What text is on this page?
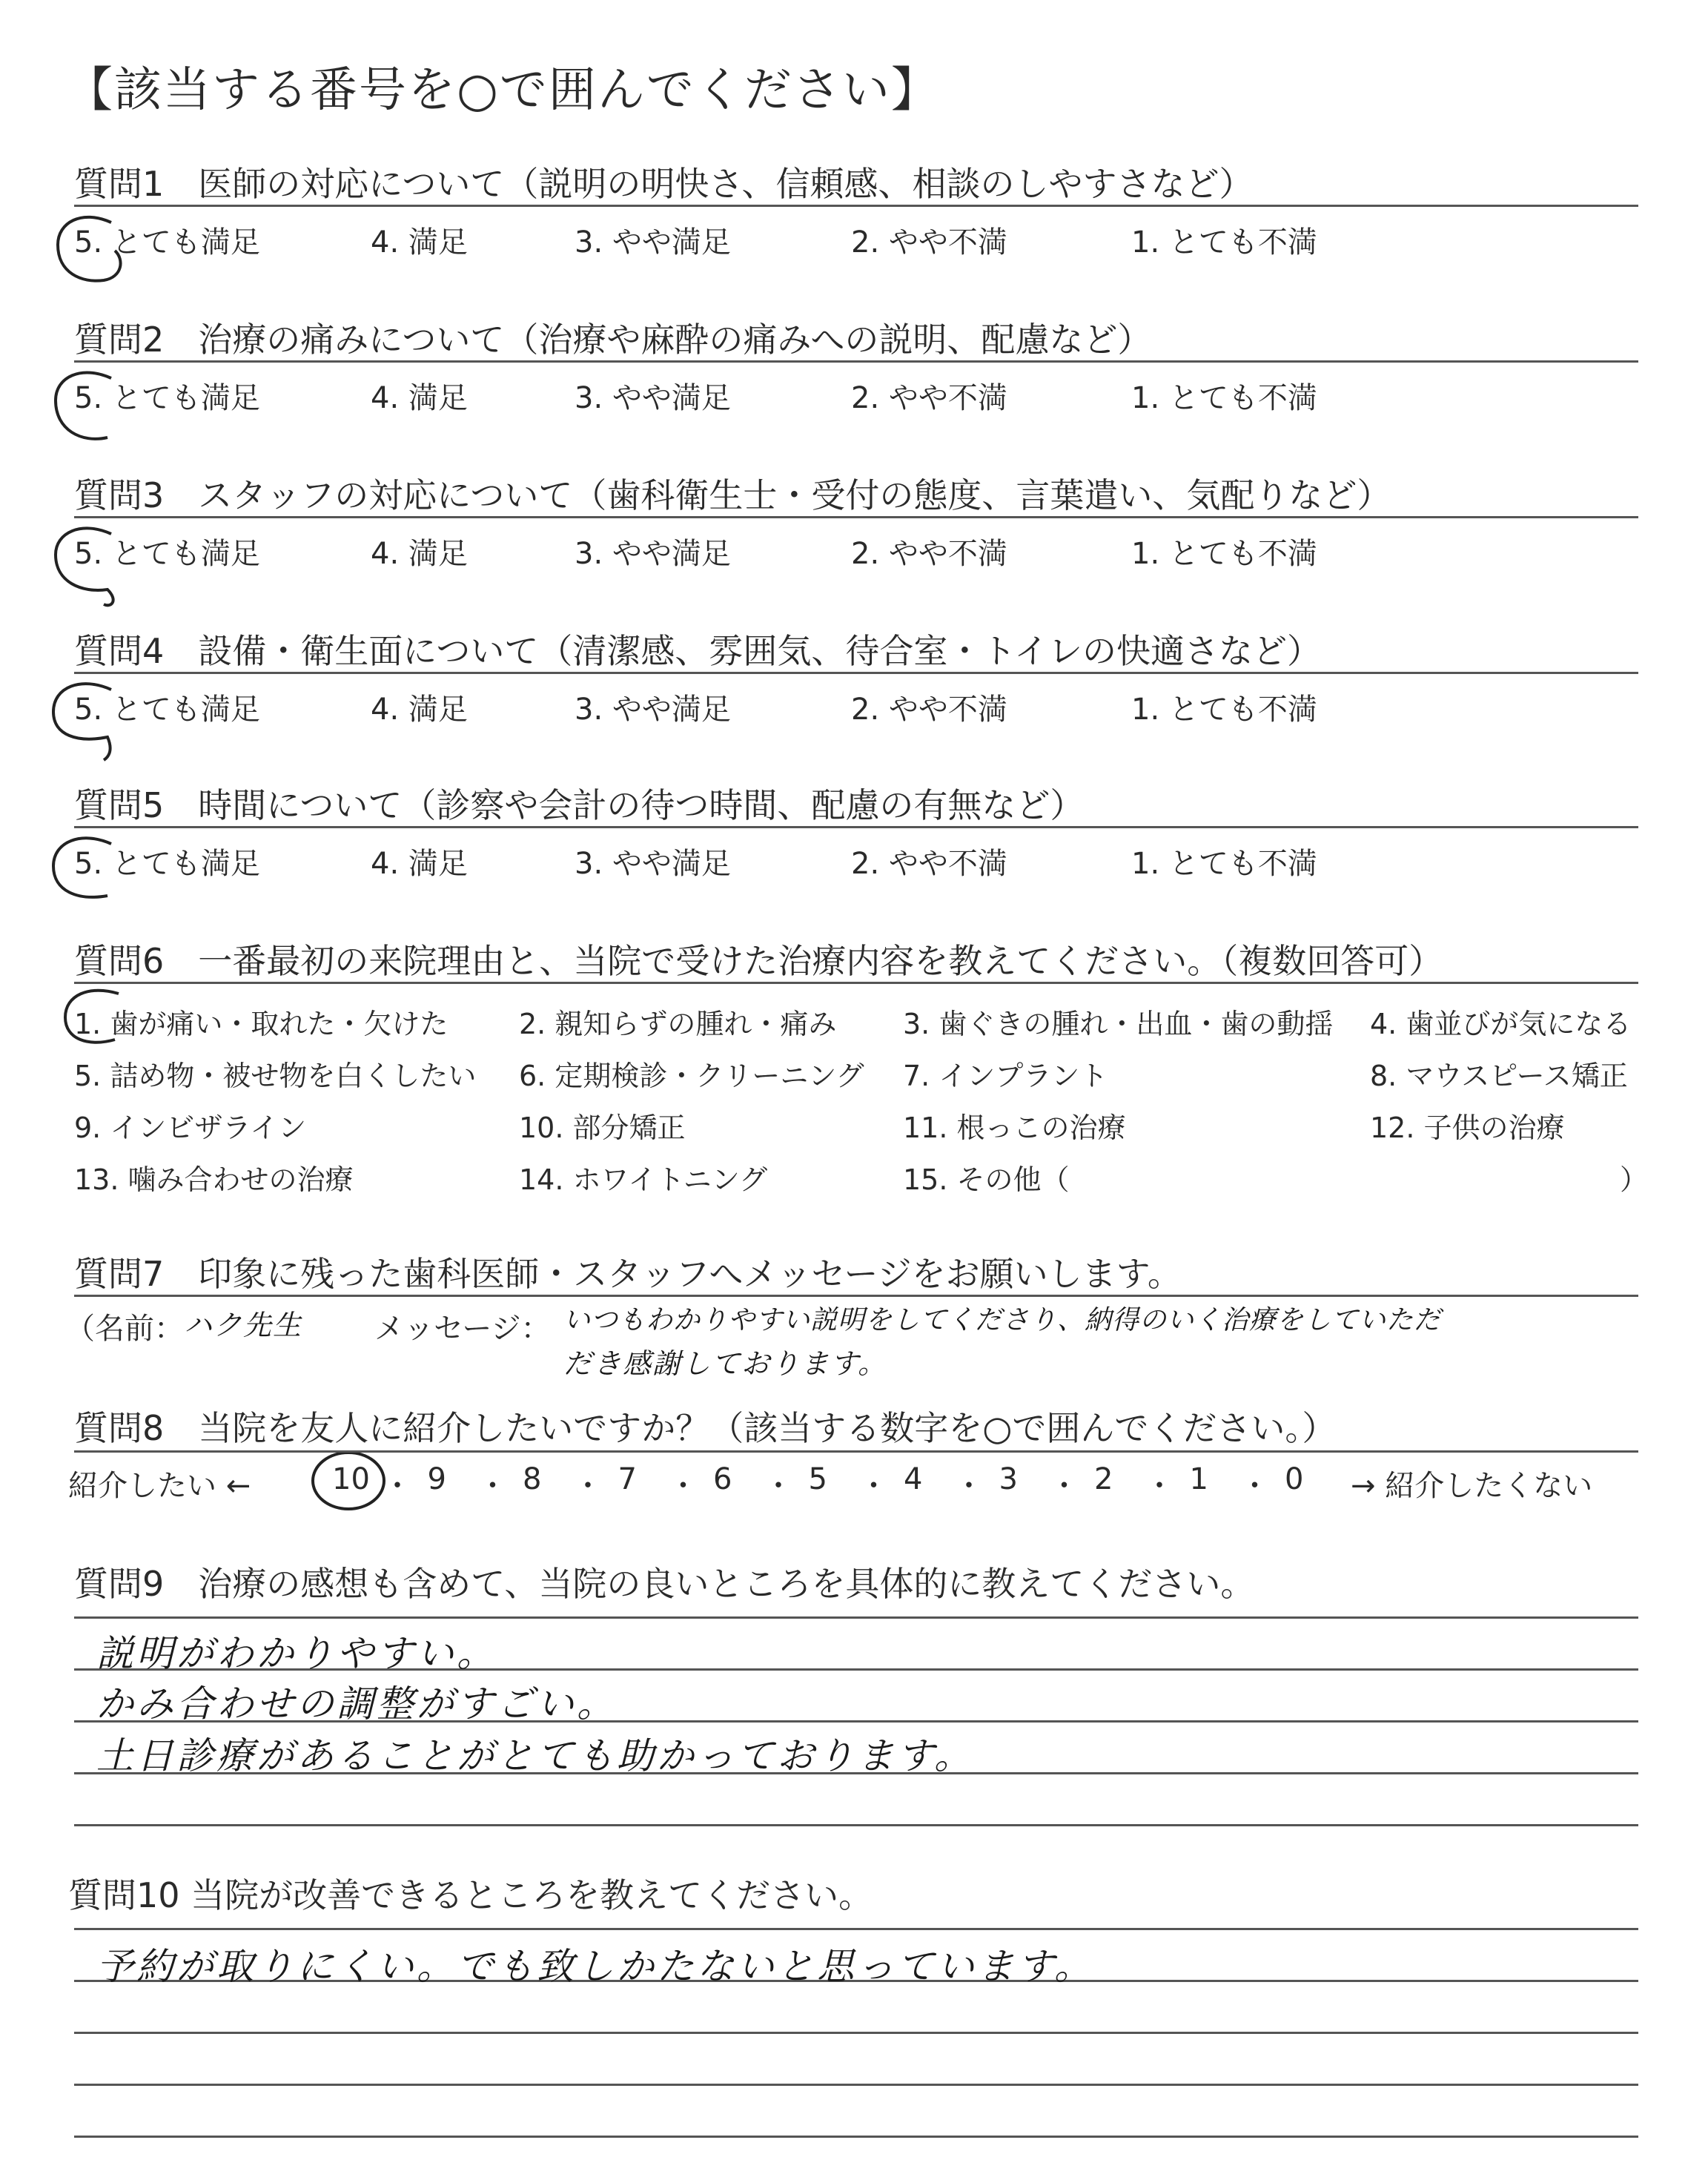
【該当する番号を○で囲んでください】
質問1　医師の対応について（説明の明快さ、信頼感、相談のしやすさなど）
5. とても満足	4. 満足	3. やや満足	2. やや不満	1. とても不満
質問2　治療の痛みについて（治療や麻酔の痛みへの説明、配慮など）
5. とても満足	4. 満足	3. やや満足	2. やや不満	1. とても不満
質問3　スタッフの対応について（歯科衛生士・受付の態度、言葉遣い、気配りなど）
5. とても満足	4. 満足	3. やや満足	2. やや不満	1. とても不満
質問4　設備・衛生面について（清潔感、雰囲気、待合室・トイレの快適さなど）
5. とても満足	4. 満足	3. やや満足	2. やや不満	1. とても不満
質問5　時間について（診察や会計の待つ時間、配慮の有無など）
5. とても満足	4. 満足	3. やや満足	2. やや不満	1. とても不満
質問6　一番最初の来院理由と、当院で受けた治療内容を教えてください。（複数回答可）
1. 歯が痛い・取れた・欠けた	2. 親知らずの腫れ・痛み 3. 歯ぐきの腫れ・出血・歯の動揺 4. 歯並びが気になる
5. 詰め物・被せ物を白くしたい 6. 定期検診・クリーニング 7. インプラント	8. マウスピース矯正
9. インビザライン	10. 部分矯正	11. 根っこの治療	12. 子供の治療
13. 噛み合わせの治療	14. ホワイトニング	15. その他（	）
質問7　印象に残った歯科医師・スタッフへメッセージをお願いします。
（名前： ハク先生 メッセージ： いつもわかりやすい説明をしてくださり、納得のいく治療をしていただ
だき感謝しております。
質問8　当院を友人に紹介したいですか？（該当する数字を○で囲んでください。）
紹介したい ←	10 ・ 9 ・ 8 ・ 7 ・ 6 ・ 5 ・ 4 ・ 3 ・ 2 ・ 1 ・ 0 → 紹介したくない
質問9　治療の感想も含めて、当院の良いところを具体的に教えてください。
説明がわかりやすい。
かみ合わせの調整がすごい。
土日診療があることがとても助かっております。
質問10 当院が改善できるところを教えてください。
予約が取りにくい。でも致しかたないと思っています。
